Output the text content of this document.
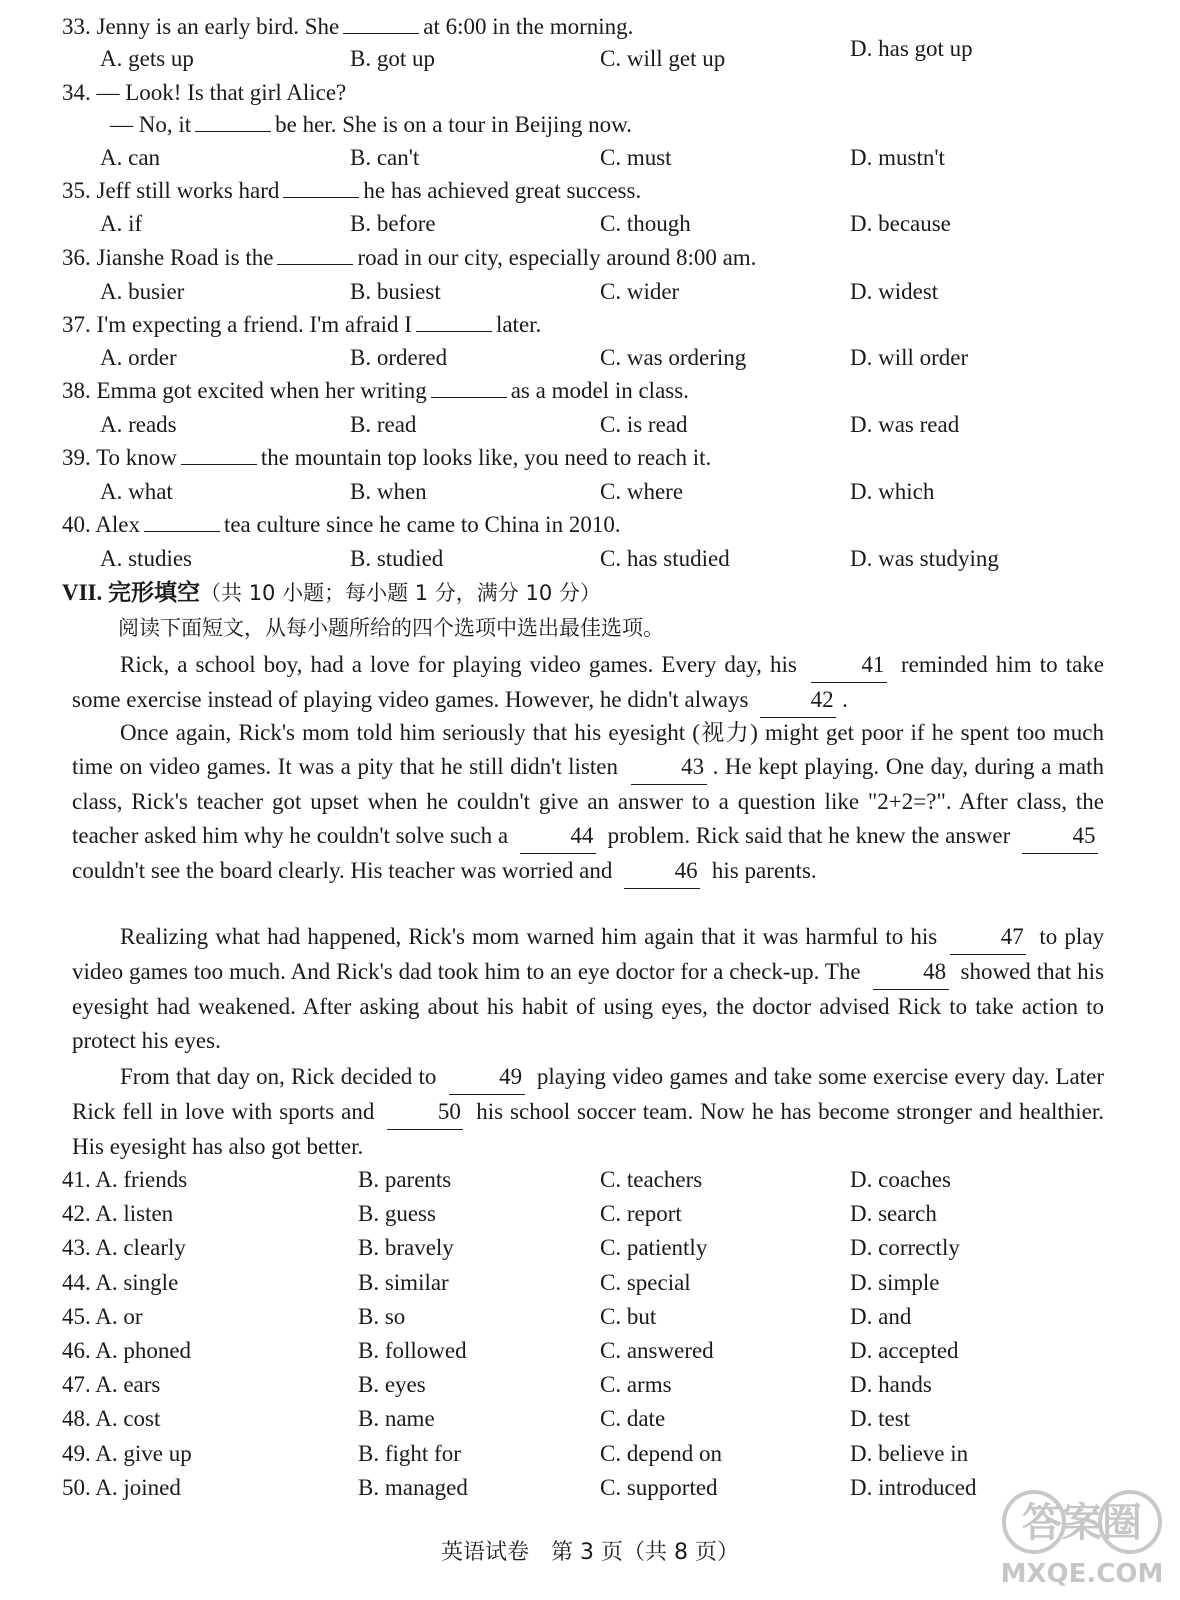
33. Jenny is an early bird. She	at 6:00 in the morning.
A. gets up	B. got up	C. will get up	D. has got up
34. — Look! Is that girl Alice?
— No, it	be her. She is on a tour in Beijing now.
A. can	B. can't	C. must	D. mustn't
35. Jeff still works hard	he has achieved great success.
A. if	B. before	C. though	D. because
36. Jianshe Road is the	road in our city, especially around 8:00 am.
A. busier	B. busiest	C. wider	D. widest
37. I'm expecting a friend. I'm afraid I	later.
A. order	B. ordered	C. was ordering	D. will order
38. Emma got excited when her writing	as a model in class.
A. reads	B. read	C. is read	D. was read
39. To know	the mountain top looks like, you need to reach it.
A. what	B. when	C. where	D. which
40. Alex	tea culture since he came to China in 2010.
A. studies	B. studied	C. has studied	D. was studying
VII. 完形填空（共 10 小题；每小题 1 分，满分 10 分）
阅读下面短文，从每小题所给的四个选项中选出最佳选项。
Rick, a school boy, had a love for playing video games. Every day, his	41 reminded him to take some exercise instead of playing video games. However, he didn't always	42 .
Once again, Rick's mom told him seriously that his eyesight (视力) might get poor if he spent too much time on video games. It was a pity that he still didn't listen	43 . He kept playing. One day, during a math class, Rick's teacher got upset when he couldn't give an answer to a question like "2+2=?". After class, the teacher asked him why he couldn't solve such a	44 problem. Rick said that he knew the answer	45 couldn't see the board clearly. His teacher was worried and	46 his parents.
Realizing what had happened, Rick's mom warned him again that it was harmful to his	47 to play video games too much. And Rick's dad took him to an eye doctor for a check-up. The	48 showed that his eyesight had weakened. After asking about his habit of using eyes, the doctor advised Rick to take action to protect his eyes.
From that day on, Rick decided to	49 playing video games and take some exercise every day. Later Rick fell in love with sports and	50 his school soccer team. Now he has become stronger and healthier. His eyesight has also got better.
41. A. friends	B. parents	C. teachers	D. coaches
42. A. listen	B. guess	C. report	D. search
43. A. clearly	B. bravely	C. patiently	D. correctly
44. A. single	B. similar	C. special	D. simple
45. A. or	B. so	C. but	D. and
46. A. phoned	B. followed	C. answered	D. accepted
47. A. ears	B. eyes	C. arms	D. hands
48. A. cost	B. name	C. date	D. test
49. A. give up	B. fight for	C. depend on	D. believe in
50. A. joined	B. managed	C. supported	D. introduced
英语试卷　第 3 页（共 8 页）
答案圈
MXQE.COM
